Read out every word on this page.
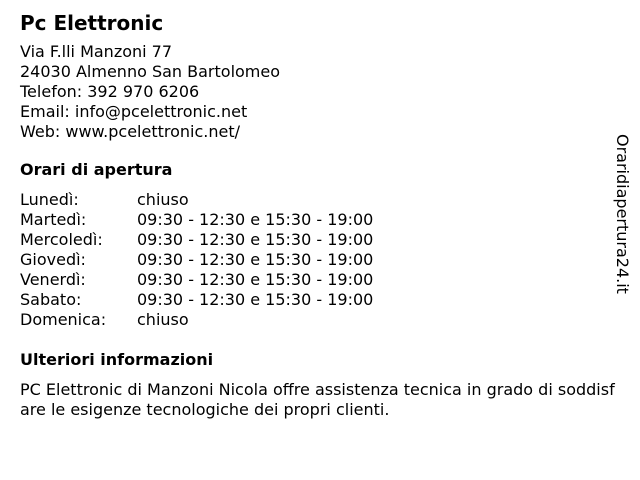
Pc Elettronic
Via F.lli Manzoni 77
24030 Almenno San Bartolomeo
Telefon: 392 970 6206
Email: info@pcelettronic.net
Web: www.pcelettronic.net/
Orari di apertura
Lunedì:	chiuso
Martedì:	09:30 - 12:30 e 15:30 - 19:00
Mercoledì: 09:30 - 12:30 e 15:30 - 19:00
Giovedì:	09:30 - 12:30 e 15:30 - 19:00
Venerdì:	09:30 - 12:30 e 15:30 - 19:00
Sabato:	09:30 - 12:30 e 15:30 - 19:00
Domenica: chiuso
Ulteriori informazioni
PC Elettronic di Manzoni Nicola offre assistenza tecnica in grado di soddisfare le esigenze tecnologiche dei propri clienti.
Oraridiapertura24.it
